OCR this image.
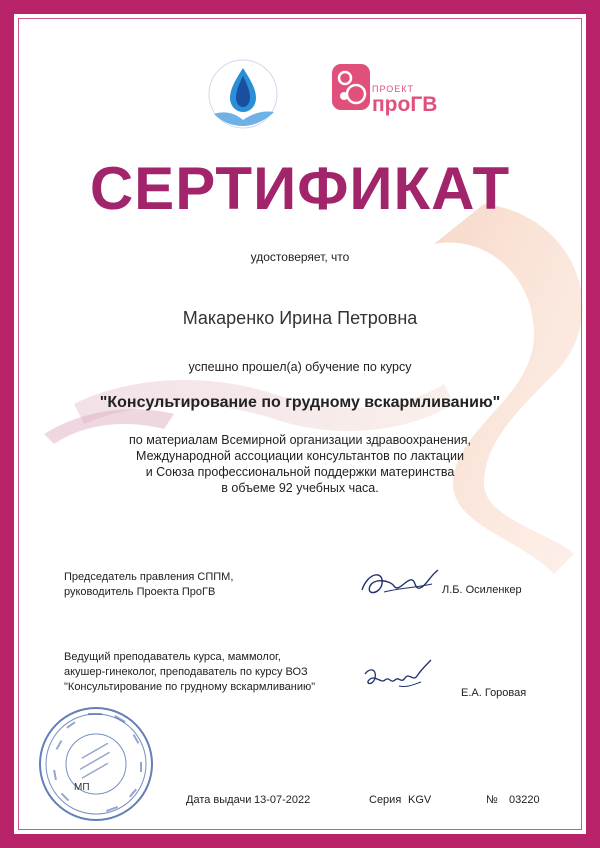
ПРОЕКТ
проГВ
СЕРТИФИКАТ
удостоверяет, что
Макаренко Ирина Петровна
успешно прошел(а) обучение по курсу
"Консультирование по грудному вскармливанию"
по материалам Всемирной организации здравоохранения,
Международной ассоциации консультантов по лактации
и Союза профессиональной поддержки материнства
в объеме 92 учебных часа.
Председатель правления СППМ,
руководитель Проекта ПроГВ	Л.Б. Осиленкер
Ведущий преподаватель курса, маммолог,
акушер-гинеколог, преподаватель по курсу ВОЗ
"Консультирование по грудному вскармливанию"	Е.А. Горовая
МП
Дата выдачи 13-07-2022	Серия KGV	№ 03220
